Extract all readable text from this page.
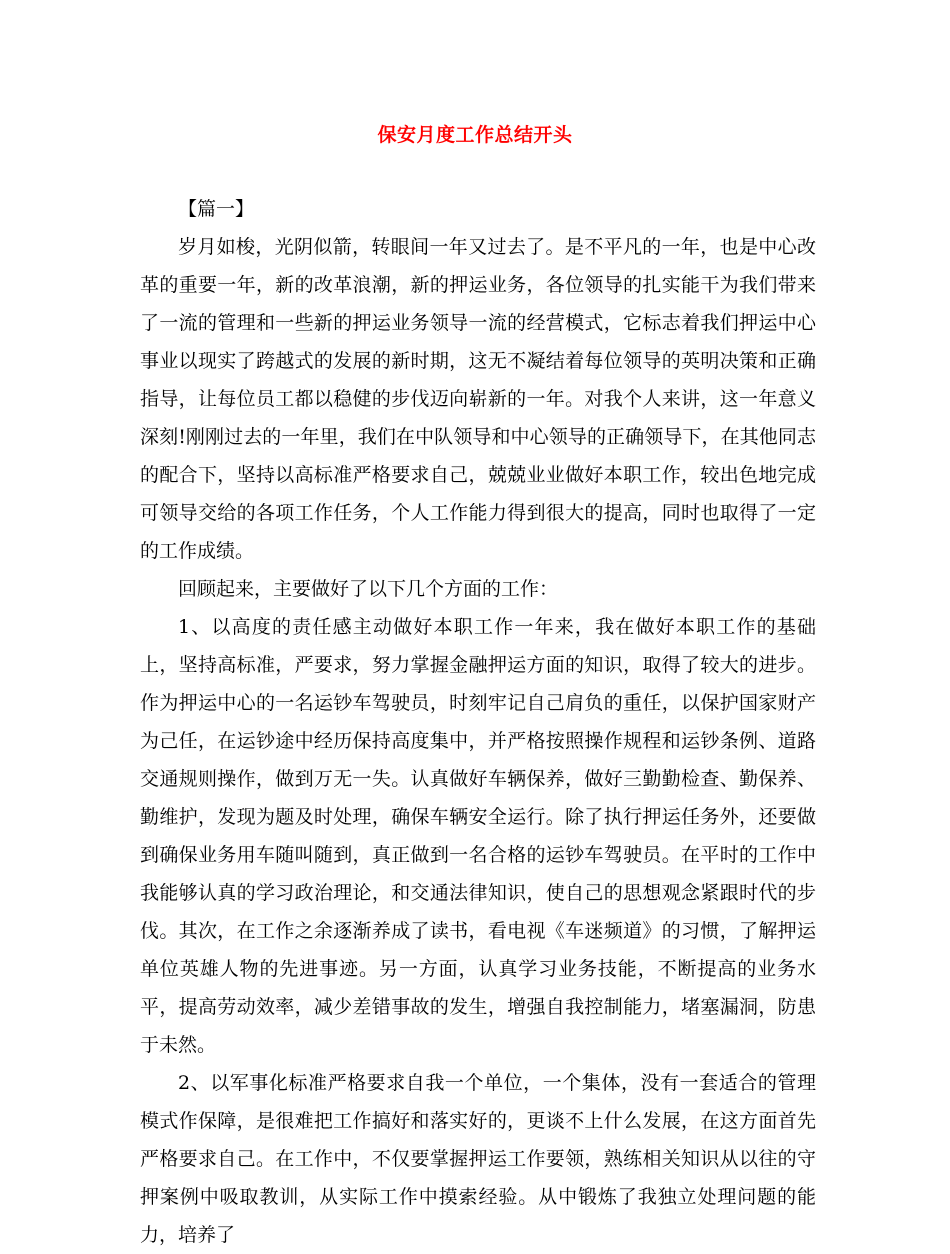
保安月度工作总结开头

【篇一】

岁月如梭，光阴似箭，转眼间一年又过去了。是不平凡的一年，也是中心改革的重要一年，新的改革浪潮，新的押运业务，各位领导的扎实能干为我们带来了一流的管理和一些新的押运业务领导一流的经营模式，它标志着我们押运中心事业以现实了跨越式的发展的新时期，这无不凝结着每位领导的英明决策和正确指导，让每位员工都以稳健的步伐迈向崭新的一年。对我个人来讲，这一年意义深刻!刚刚过去的一年里，我们在中队领导和中心领导的正确领导下，在其他同志的配合下，坚持以高标准严格要求自己，兢兢业业做好本职工作，较出色地完成可领导交给的各项工作任务，个人工作能力得到很大的提高，同时也取得了一定的工作成绩。

回顾起来，主要做好了以下几个方面的工作：

1、以高度的责任感主动做好本职工作一年来，我在做好本职工作的基础上，坚持高标准，严要求，努力掌握金融押运方面的知识，取得了较大的进步。作为押运中心的一名运钞车驾驶员，时刻牢记自己肩负的重任，以保护国家财产为己任，在运钞途中经历保持高度集中，并严格按照操作规程和运钞条例、道路交通规则操作，做到万无一失。认真做好车辆保养，做好三勤勤检查、勤保养、勤维护，发现为题及时处理，确保车辆安全运行。除了执行押运任务外，还要做到确保业务用车随叫随到，真正做到一名合格的运钞车驾驶员。在平时的工作中我能够认真的学习政治理论，和交通法律知识，使自己的思想观念紧跟时代的步伐。其次，在工作之余逐渐养成了读书，看电视《车迷频道》的习惯，了解押运单位英雄人物的先进事迹。另一方面，认真学习业务技能，不断提高的业务水平，提高劳动效率，减少差错事故的发生，增强自我控制能力，堵塞漏洞，防患于未然。

2、以军事化标准严格要求自我一个单位，一个集体，没有一套适合的管理模式作保障，是很难把工作搞好和落实好的，更谈不上什么发展，在这方面首先严格要求自己。在工作中，不仅要掌握押运工作要领，熟练相关知识从以往的守押案例中吸取教训，从实际工作中摸索经验。从中锻炼了我独立处理问题的能力，培养了
